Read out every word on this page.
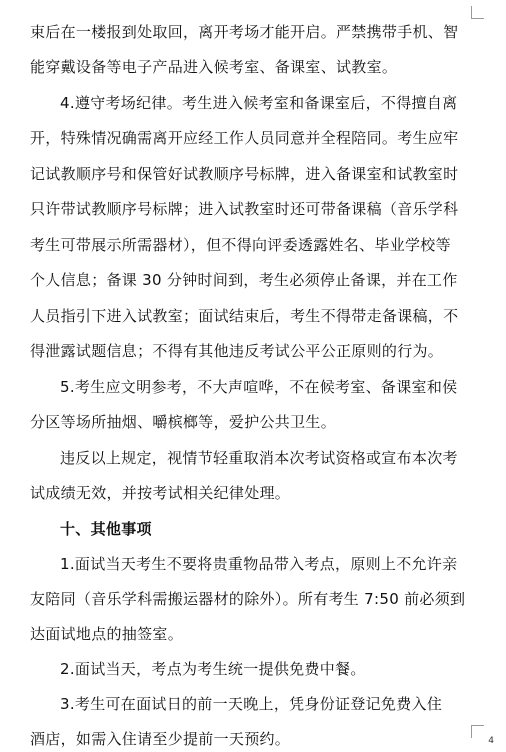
束后在一楼报到处取回，离开考场才能开启。严禁携带手机、智
能穿戴设备等电子产品进入候考室、备课室、试教室。
4.遵守考场纪律。考生进入候考室和备课室后，不得擅自离
开，特殊情况确需离开应经工作人员同意并全程陪同。考生应牢
记试教顺序号和保管好试教顺序号标牌，进入备课室和试教室时
只许带试教顺序号标牌；进入试教室时还可带备课稿（音乐学科
考生可带展示所需器材），但不得向评委透露姓名、毕业学校等
个人信息；备课 30 分钟时间到，考生必须停止备课，并在工作
人员指引下进入试教室；面试结束后，考生不得带走备课稿，不
得泄露试题信息；不得有其他违反考试公平公正原则的行为。
5.考生应文明参考，不大声喧哗，不在候考室、备课室和侯
分区等场所抽烟、嚼槟榔等，爱护公共卫生。
违反以上规定，视情节轻重取消本次考试资格或宣布本次考
试成绩无效，并按考试相关纪律处理。
十、其他事项
1.面试当天考生不要将贵重物品带入考点，原则上不允许亲
友陪同（音乐学科需搬运器材的除外）。所有考生 7:50 前必须到
达面试地点的抽签室。
2.面试当天，考点为考生统一提供免费中餐。
3.考生可在面试日的前一天晚上，凭身份证登记免费入住
酒店，如需入住请至少提前一天预约。	4
